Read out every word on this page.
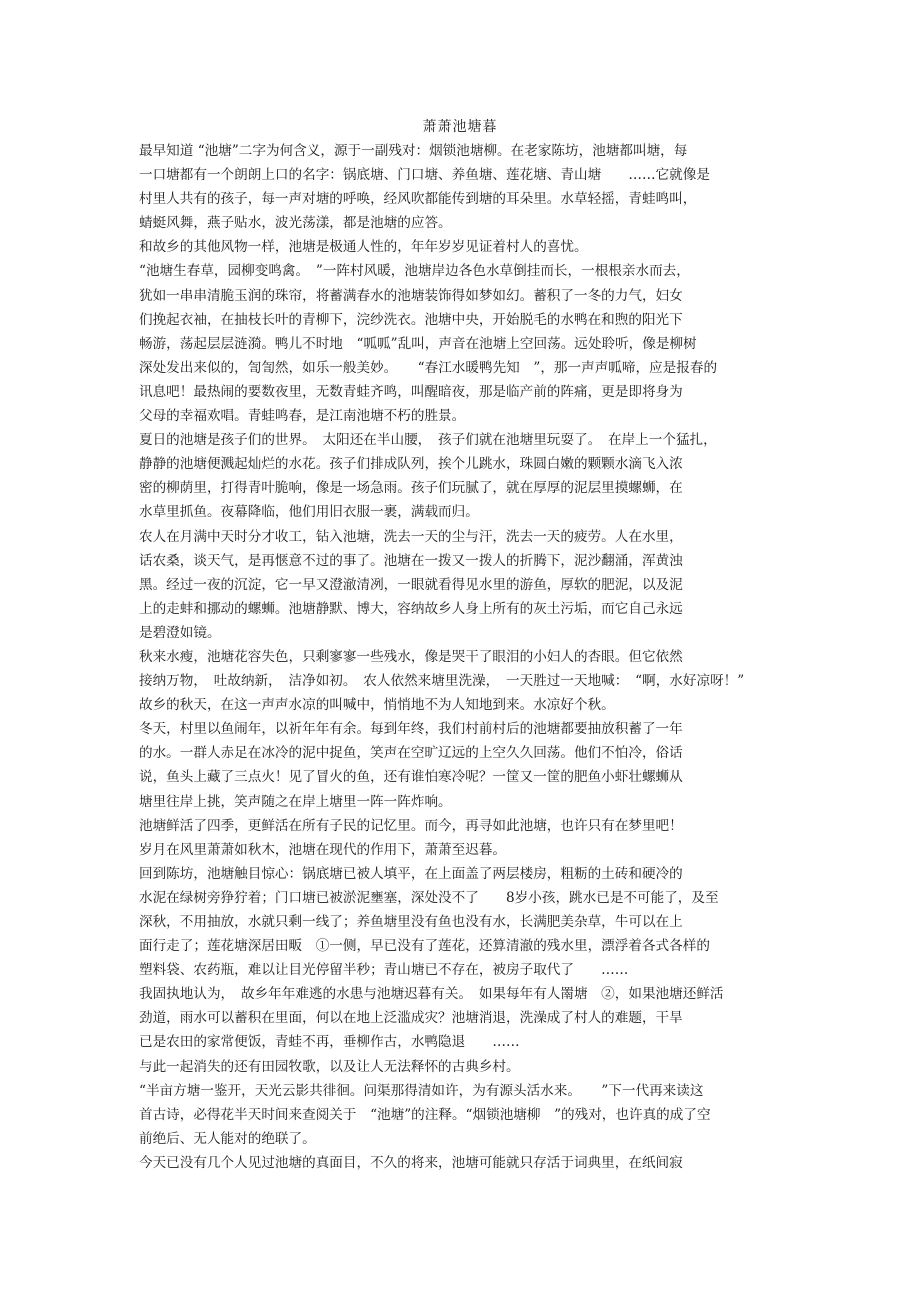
萧萧池塘暮
最早知道 “池塘”二字为何含义，源于一副残对：烟锁池塘柳。在老家陈坊，池塘都叫塘，每
一口塘都有一个朗朗上口的名字：锅底塘、门口塘、养鱼塘、莲花塘、青山塘　　……它就像是
村里人共有的孩子，每一声对塘的呼唤，经风吹都能传到塘的耳朵里。水草轻摇，青蛙鸣叫，
蜻蜓风舞，燕子贴水，波光荡漾，都是池塘的应答。
和故乡的其他风物一样，池塘是极通人性的，年年岁岁见证着村人的喜忧。
“池塘生春草，园柳变鸣禽。　”一阵村风暖，池塘岸边各色水草倒挂而长，一根根亲水而去，
犹如一串串清脆玉润的珠帘，将蓄满春水的池塘装饰得如梦如幻。蓄积了一冬的力气，妇女
们挽起衣袖，在抽枝长叶的青柳下，浣纱洗衣。池塘中央，开始脱毛的水鸭在和煦的阳光下
畅游，荡起层层涟漪。鸭儿不时地　“呱呱”乱叫，声音在池塘上空回荡。远处聆听，像是柳树
深处发出来似的，訇訇然，如乐一般美妙。　　“春江水暖鸭先知　”，那一声声呱啼，应是报春的
讯息吧！最热闹的要数夜里，无数青蛙齐鸣，叫醒暗夜，那是临产前的阵痛，更是即将身为
父母的幸福欢唱。青蛙鸣春，是江南池塘不朽的胜景。
夏日的池塘是孩子们的世界。　太阳还在半山腰，　孩子们就在池塘里玩耍了。　在岸上一个猛扎，
静静的池塘便溅起灿烂的水花。孩子们排成队列，挨个儿跳水，珠圆白嫩的颗颗水滴飞入浓
密的柳荫里，打得青叶脆响，像是一场急雨。孩子们玩腻了，就在厚厚的泥层里摸螺蛳，在
水草里抓鱼。夜幕降临，他们用旧衣服一裹，满载而归。
农人在月满中天时分才收工，钻入池塘，洗去一天的尘与汗，洗去一天的疲劳。人在水里，
话农桑，谈天气，是再惬意不过的事了。池塘在一拨又一拨人的折腾下，泥沙翻涌，浑黄浊
黑。经过一夜的沉淀，它一早又澄澈清冽，一眼就看得见水里的游鱼，厚软的肥泥，以及泥
上的走蚌和挪动的螺蛳。池塘静默、博大，容纳故乡人身上所有的灰土污垢，而它自己永远
是碧澄如镜。
秋来水瘦，池塘花容失色，只剩寥寥一些残水，像是哭干了眼泪的小妇人的杏眼。但它依然
接纳万物，　吐故纳新，　洁净如初。　农人依然来塘里洗澡，　一天胜过一天地喊：　“啊，水好凉呀！”
故乡的秋天，在这一声声水凉的叫喊中，悄悄地不为人知地到来。水凉好个秋。
冬天，村里以鱼闹年，以祈年年有余。每到年终，我们村前村后的池塘都要抽放积蓄了一年
的水。一群人赤足在冰冷的泥中捉鱼，笑声在空旷辽远的上空久久回荡。他们不怕冷，俗话
说，鱼头上藏了三点火！见了冒火的鱼，还有谁怕寒冷呢？一筐又一筐的肥鱼小虾壮螺蛳从
塘里往岸上挑，笑声随之在岸上塘里一阵一阵炸响。
池塘鲜活了四季，更鲜活在所有子民的记忆里。而今，再寻如此池塘，也许只有在梦里吧！
岁月在风里萧萧如秋木，池塘在现代的作用下，萧萧至迟暮。
回到陈坊，池塘触目惊心：锅底塘已被人填平，在上面盖了两层楼房，粗粝的土砖和硬冷的
水泥在绿树旁狰狞着；门口塘已被淤泥壅塞，深处没不了　　8岁小孩，跳水已是不可能了，及至
深秋，不用抽放，水就只剩一线了；养鱼塘里没有鱼也没有水，长满肥美杂草，牛可以在上
面行走了；莲花塘深居田畈　①一侧，早已没有了莲花，还算清澈的残水里，漂浮着各式各样的
塑料袋、农药瓶，难以让目光停留半秒；青山塘已不存在，被房子取代了　　……
我固执地认为，　故乡年年难逃的水患与池塘迟暮有关。　如果每年有人罱塘　②，如果池塘还鲜活
劲道，雨水可以蓄积在里面，何以在地上泛滥成灾？池塘消退，洗澡成了村人的难题，干旱
已是农田的家常便饭，青蛙不再，垂柳作古，水鸭隐退　　……
与此一起消失的还有田园牧歌，以及让人无法释怀的古典乡村。
“半亩方塘一鉴开，天光云影共徘徊。问渠那得清如许，为有源头活水来。　　”下一代再来读这
首古诗，必得花半天时间来查阅关于　“池塘”的注释。“烟锁池塘柳　”的残对，也许真的成了空
前绝后、无人能对的绝联了。
今天已没有几个人见过池塘的真面目，不久的将来，池塘可能就只存活于词典里，在纸间寂
